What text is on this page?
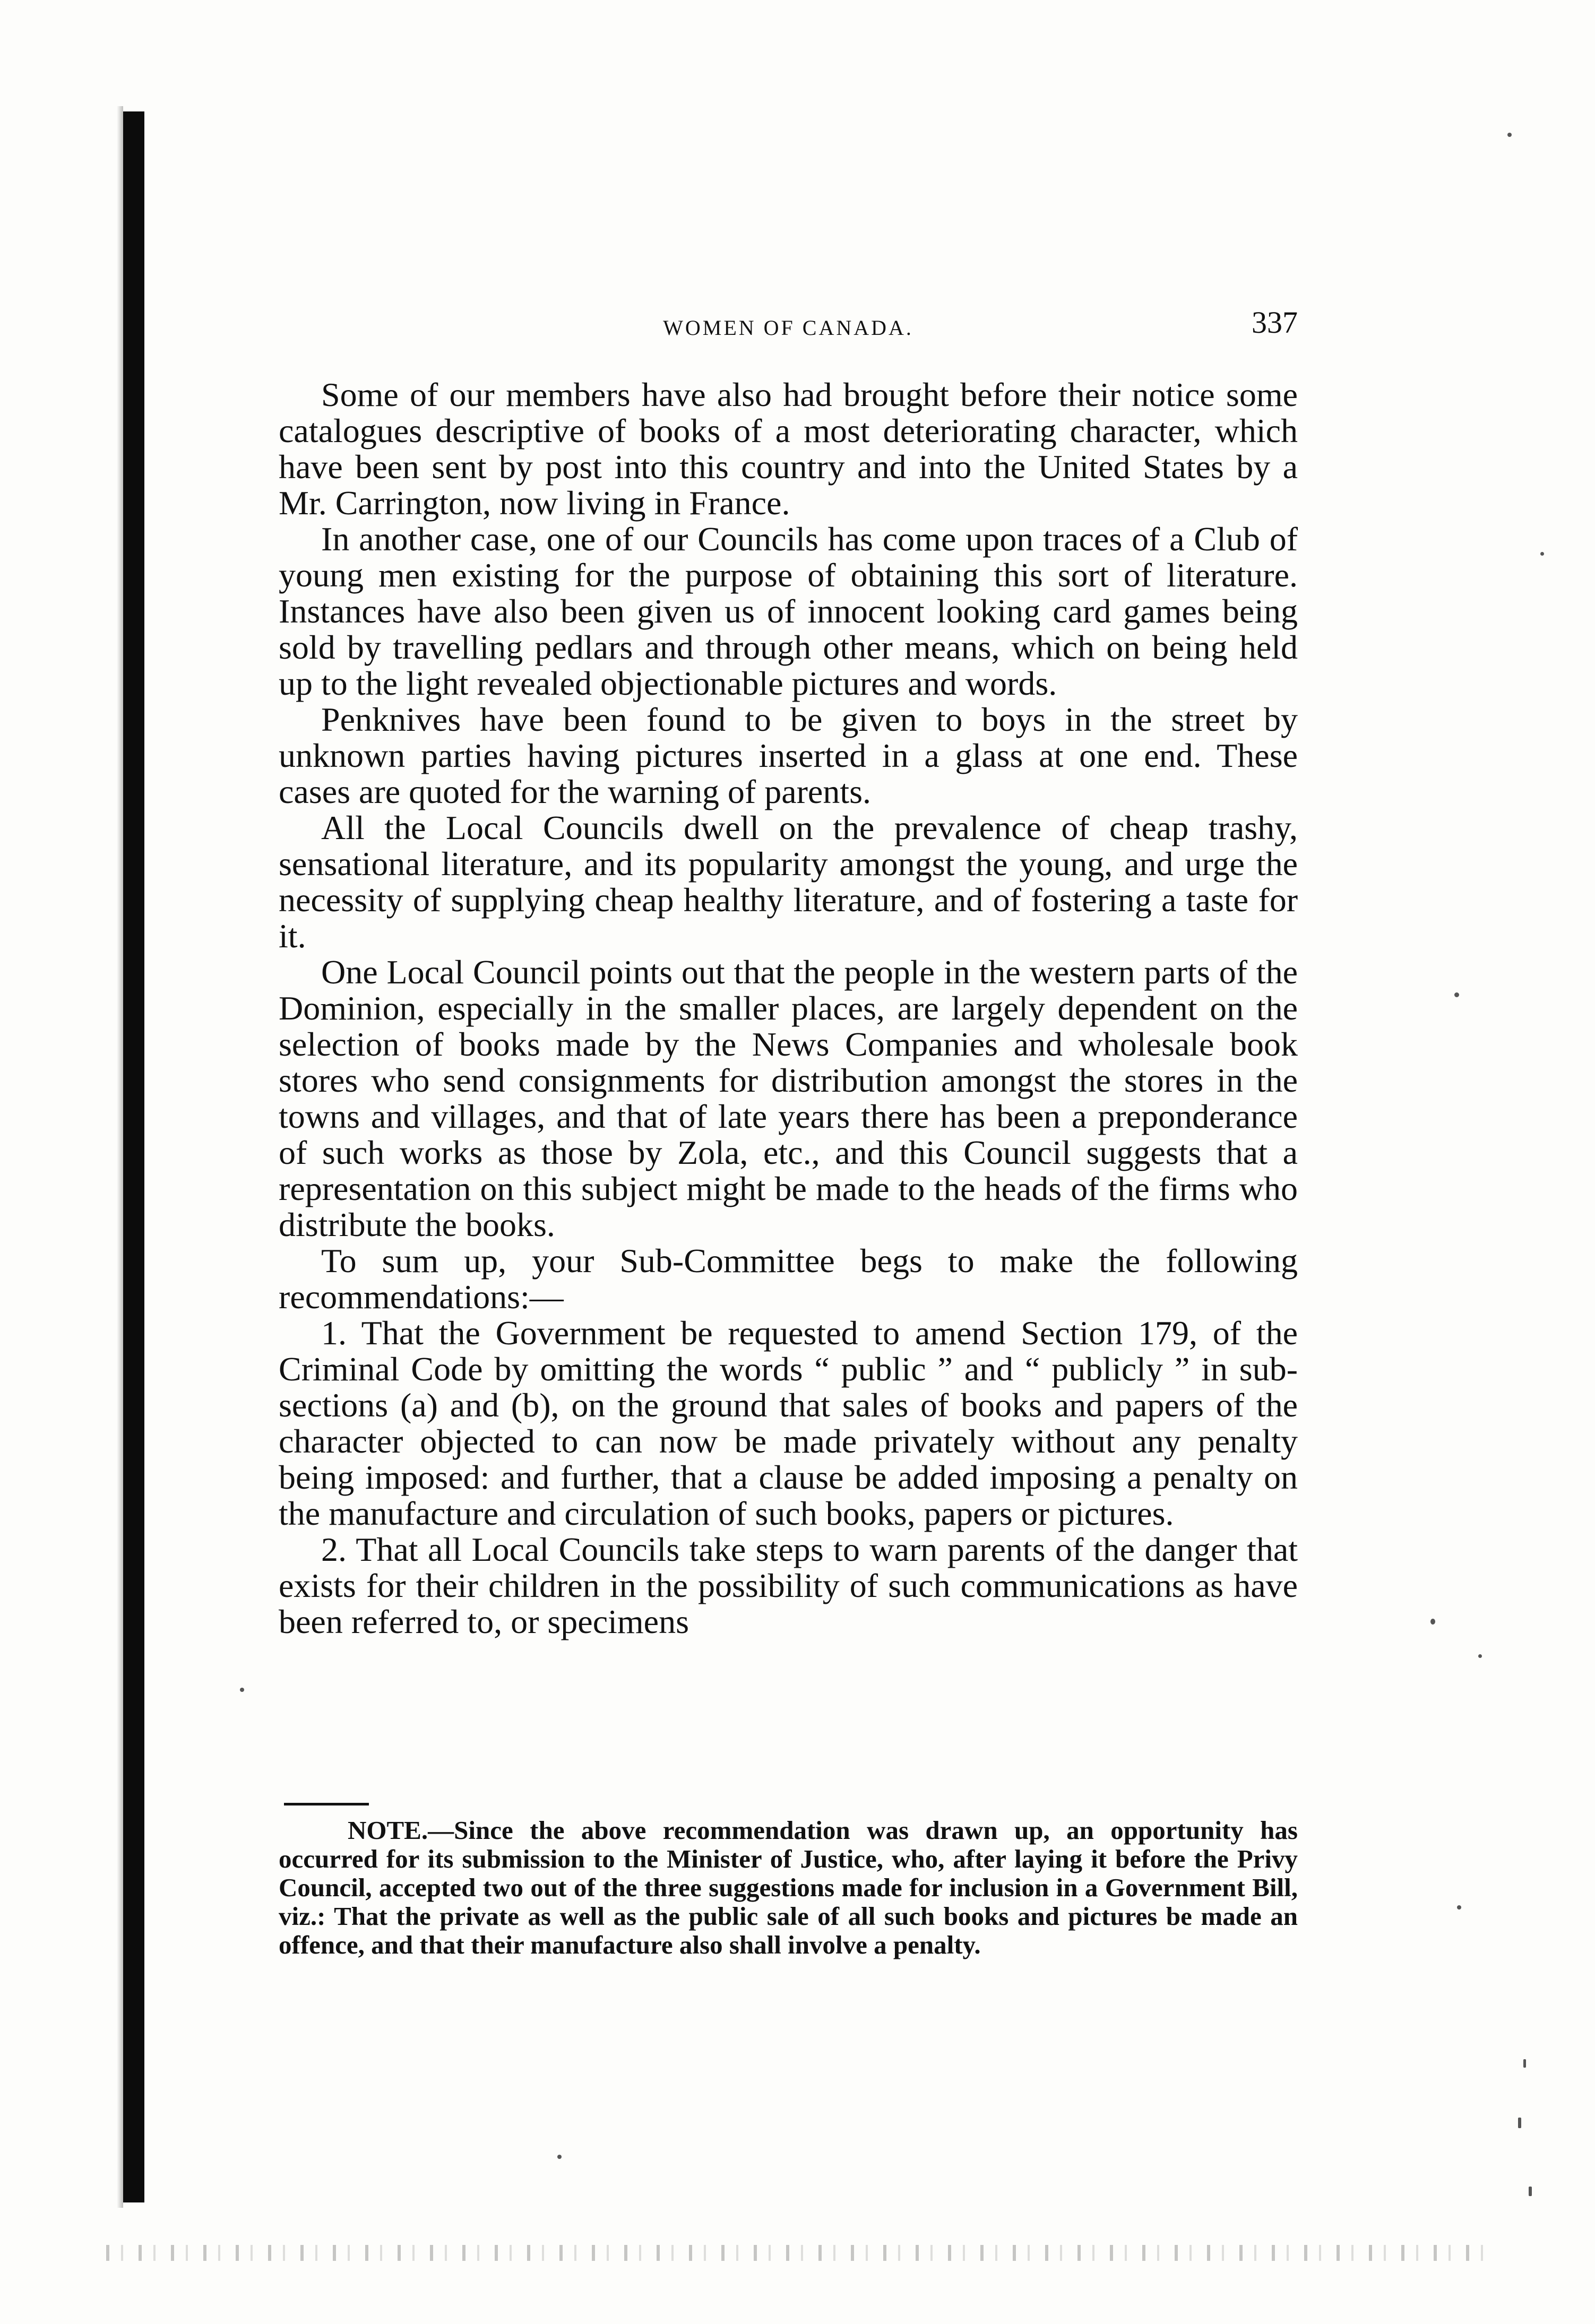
WOMEN OF CANADA.	337

Some of our members have also had brought before their notice some catalogues descriptive of books of a most deteriorating character, which have been sent by post into this country and into the United States by a Mr. Carrington, now living in France.

In another case, one of our Councils has come upon traces of a Club of young men existing for the purpose of obtaining this sort of literature. Instances have also been given us of innocent looking card games being sold by travelling pedlars and through other means, which on being held up to the light revealed objectionable pictures and words.

Penknives have been found to be given to boys in the street by unknown parties having pictures inserted in a glass at one end. These cases are quoted for the warning of parents.

All the Local Councils dwell on the prevalence of cheap trashy, sensational literature, and its popularity amongst the young, and urge the necessity of supplying cheap healthy literature, and of fostering a taste for it.

One Local Council points out that the people in the western parts of the Dominion, especially in the smaller places, are largely dependent on the selection of books made by the News Companies and wholesale book stores who send consignments for distribution amongst the stores in the towns and villages, and that of late years there has been a preponderance of such works as those by Zola, etc., and this Council suggests that a representation on this subject might be made to the heads of the firms who distribute the books.

To sum up, your Sub-Committee begs to make the following recommendations:—

1. That the Government be requested to amend Section 179, of the Criminal Code by omitting the words “ public ” and “ publicly ” in sub-sections (a) and (b), on the ground that sales of books and papers of the character objected to can now be made privately without any penalty being imposed: and further, that a clause be added imposing a penalty on the manufacture and circulation of such books, papers or pictures.

2. That all Local Councils take steps to warn parents of the danger that exists for their children in the possibility of such communications as have been referred to, or specimens

NOTE.—Since the above recommendation was drawn up, an opportunity has occurred for its submission to the Minister of Justice, who, after laying it before the Privy Council, accepted two out of the three suggestions made for inclusion in a Government Bill, viz.: That the private as well as the public sale of all such books and pictures be made an offence, and that their manufacture also shall involve a penalty.
